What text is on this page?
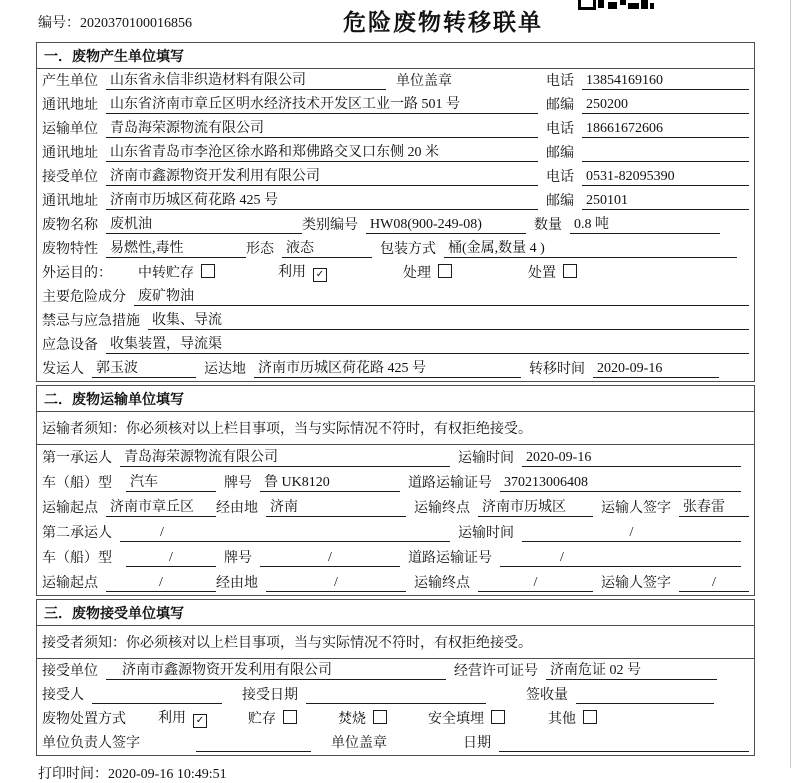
编号：2020370100016856	危险废物转移联单
一．废物产生单位填写
产生单位 山东省永信非织造材料有限公司	单位盖章	电话 13854169160
通讯地址 山东省济南市章丘区明水经济技术开发区工业一路 501 号	邮编 250200
运输单位 青岛海荣源物流有限公司	电话 18661672606
通讯地址 山东省青岛市李沧区徐水路和郑佛路交叉口东侧 20 米	邮编
接受单位 济南市鑫源物资开发利用有限公司	电话 0531-82095390
通讯地址 济南市历城区荷花路 425 号	邮编 250101
废物名称 废机油	类别编号 HW08(900-249-08)	数量 0.8 吨
废物特性 易燃性,毒性	形态 液态	包装方式 桶(金属,数量 4 )
外运目的： 中转贮存	利用 ✓	处理	处置
主要危险成分 废矿物油
禁忌与应急措施 收集、导流
应急设备 收集装置，导流渠
发运人 郭玉波	运达地 济南市历城区荷花路 425 号	转移时间 2020-09-16
二．废物运输单位填写
运输者须知：你必须核对以上栏目事项，当与实际情况不符时，有权拒绝接受。
第一承运人 青岛海荣源物流有限公司	运输时间 2020-09-16
车（船）型	汽车	牌号 鲁 UK8120	道路运输证号 370213006408
运输起点 济南市章丘区	经由地 济南	运输终点 济南市历城区	运输人签字 张春雷
第二承运人	/	运输时间	/
车（船）型	/	牌号	/	道路运输证号	/
运输起点	/	经由地	/	运输终点	/	运输人签字	/
三．废物接受单位填写
接受者须知：你必须核对以上栏目事项，当与实际情况不符时，有权拒绝接受。
接受单位	济南市鑫源物资开发利用有限公司	经营许可证号 济南危证 02 号
接受人	接受日期	签收量
废物处置方式 利用 ✓	贮存	焚烧	安全填埋	其他
单位负责人签字	单位盖章	日期
打印时间：2020-09-16 10:49:51
